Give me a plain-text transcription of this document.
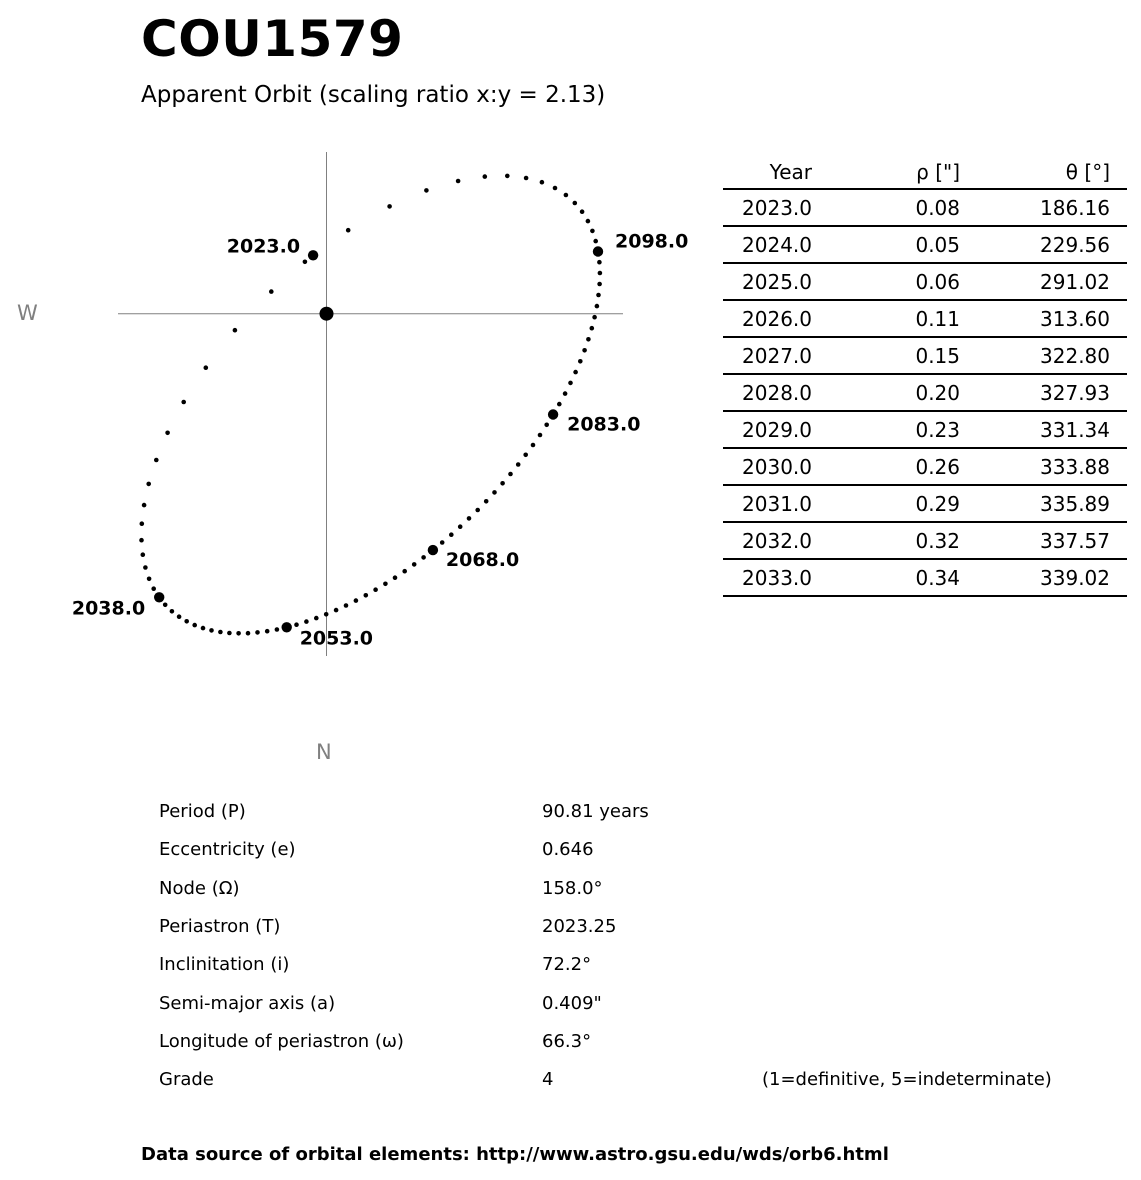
COU1579
Apparent Orbit (scaling ratio x:y = 2.13)
2023.0
2038.0
2053.0
2068.0
2083.0
2098.0
W
N
Year	ρ ["]	θ [°]
2023.0	0.08	186.16
2024.0	0.05	229.56
2025.0	0.06	291.02
2026.0	0.11	313.60
2027.0	0.15	322.80
2028.0	0.20	327.93
2029.0	0.23	331.34
2030.0	0.26	333.88
2031.0	0.29	335.89
2032.0	0.32	337.57
2033.0	0.34	339.02
Period (P)	90.81 years
Eccentricity (e)	0.646
Node (Ω)	158.0°
Periastron (T)	2023.25
Inclinitation (i)	72.2°
Semi-major axis (a)	0.409"
Longitude of periastron (ω)	66.3°
Grade	4	(1=definitive, 5=indeterminate)
Data source of orbital elements: http://www.astro.gsu.edu/wds/orb6.html
